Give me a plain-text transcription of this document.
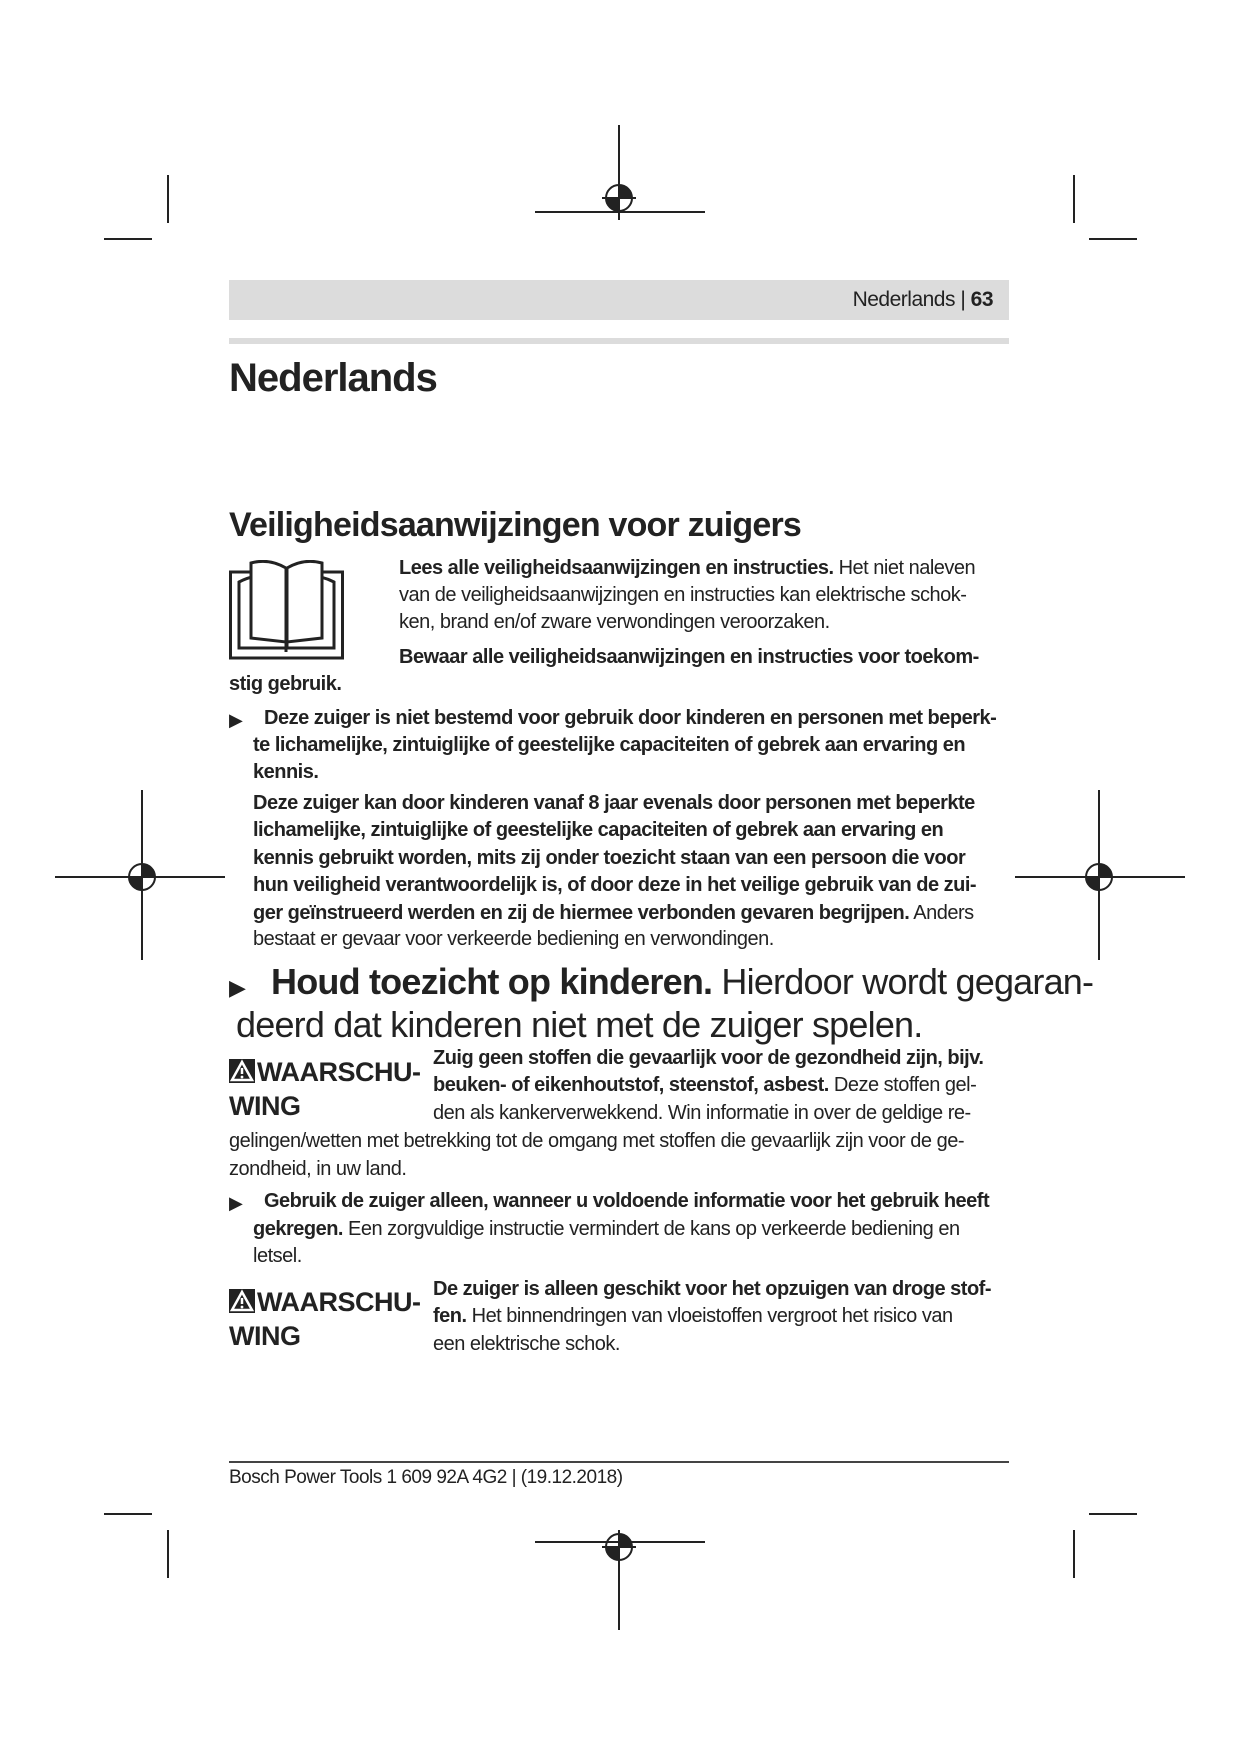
Nederlands | 63
Nederlands
Veiligheidsaanwijzingen voor zuigers
Lees alle veiligheidsaanwijzingen en instructies. Het niet naleven
van de veiligheidsaanwijzingen en instructies kan elektrische schok-
ken, brand en/of zware verwondingen veroorzaken.
Bewaar alle veiligheidsaanwijzingen en instructies voor toekom-
stig gebruik.
▶ Deze zuiger is niet bestemd voor gebruik door kinderen en personen met beperk-
te lichamelijke, zintuiglijke of geestelijke capaciteiten of gebrek aan ervaring en
kennis.
Deze zuiger kan door kinderen vanaf 8 jaar evenals door personen met beperkte
lichamelijke, zintuiglijke of geestelijke capaciteiten of gebrek aan ervaring en
kennis gebruikt worden, mits zij onder toezicht staan van een persoon die voor
hun veiligheid verantwoordelijk is, of door deze in het veilige gebruik van de zui-
ger geïnstrueerd werden en zij de hiermee verbonden gevaren begrijpen. Anders
bestaat er gevaar voor verkeerde bediening en verwondingen.
▶ Houd toezicht op kinderen. Hierdoor wordt gegaran-
deerd dat kinderen niet met de zuiger spelen.
WAARSCHU-
WING
Zuig geen stoffen die gevaarlijk voor de gezondheid zijn, bijv.
beuken- of eikenhoutstof, steenstof, asbest. Deze stoffen gel-
den als kankerverwekkend. Win informatie in over de geldige re-
gelingen/wetten met betrekking tot de omgang met stoffen die gevaarlijk zijn voor de ge-
zondheid, in uw land.
▶ Gebruik de zuiger alleen, wanneer u voldoende informatie voor het gebruik heeft
gekregen. Een zorgvuldige instructie vermindert de kans op verkeerde bediening en
letsel.
WAARSCHU-
WING
De zuiger is alleen geschikt voor het opzuigen van droge stof-
fen. Het binnendringen van vloeistoffen vergroot het risico van
een elektrische schok.
Bosch Power Tools 1 609 92A 4G2 | (19.12.2018)
